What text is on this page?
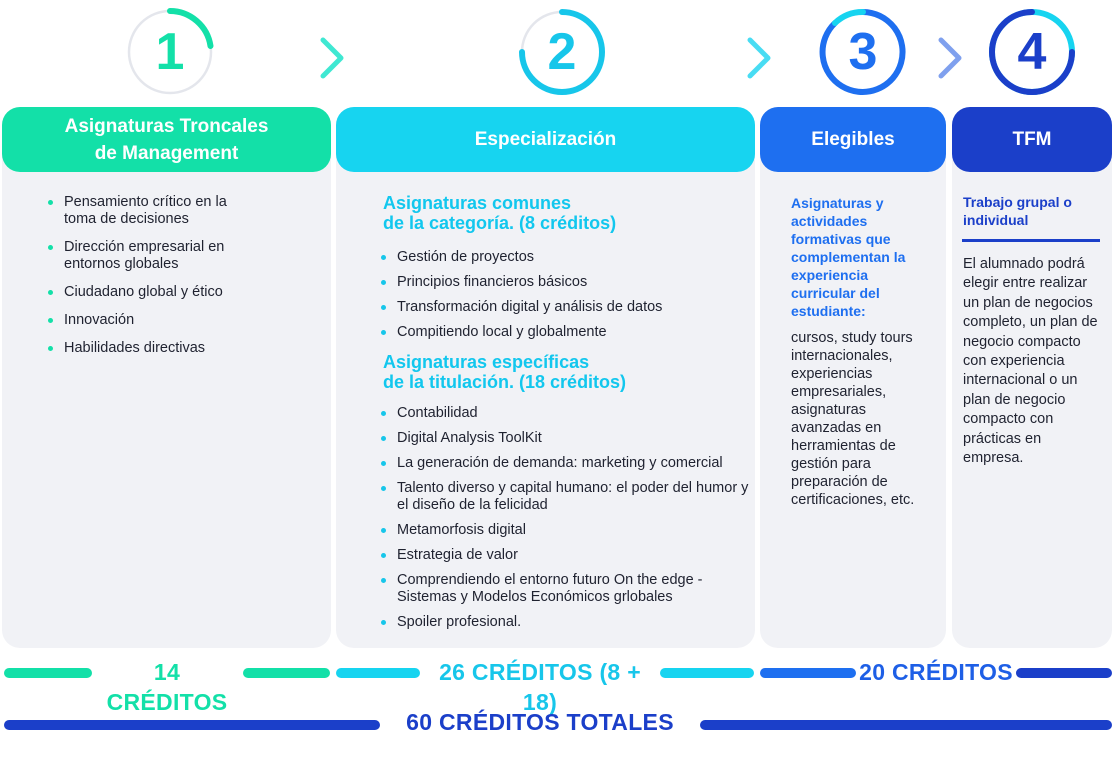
1	2	3	4
Asignaturas Troncales
de Management
Pensamiento crítico en la toma de decisiones
Dirección empresarial en entornos globales
Ciudadano global y ético
Innovación
Habilidades directivas
Especialización
Asignaturas comunes
de la categoría. (8 créditos)
Gestión de proyectos
Principios financieros básicos
Transformación digital y análisis de datos
Compitiendo local y globalmente
Asignaturas específicas
de la titulación. (18 créditos)
Contabilidad
Digital Analysis ToolKit
La generación de demanda: marketing y comercial
Talento diverso y capital humano: el poder del humor y el diseño de la felicidad
Metamorfosis digital
Estrategia de valor
Comprendiendo el entorno futuro On the edge -Sistemas y Modelos Económicos grlobales
Spoiler profesional.
Elegibles
Asignaturas y actividades formativas que complementan la experiencia curricular del estudiante:
cursos, study tours internacionales, experiencias empresariales, asignaturas avanzadas en herramientas de gestión para preparación de certificaciones, etc.
TFM
Trabajo grupal o individual
El alumnado podrá elegir entre realizar un plan de negocios completo, un plan de negocio compacto con experiencia internacional o un plan de negocio compacto con prácticas en empresa.
14 CRÉDITOS
26 CRÉDITOS (8 + 18)
20 CRÉDITOS
60 CRÉDITOS TOTALES
